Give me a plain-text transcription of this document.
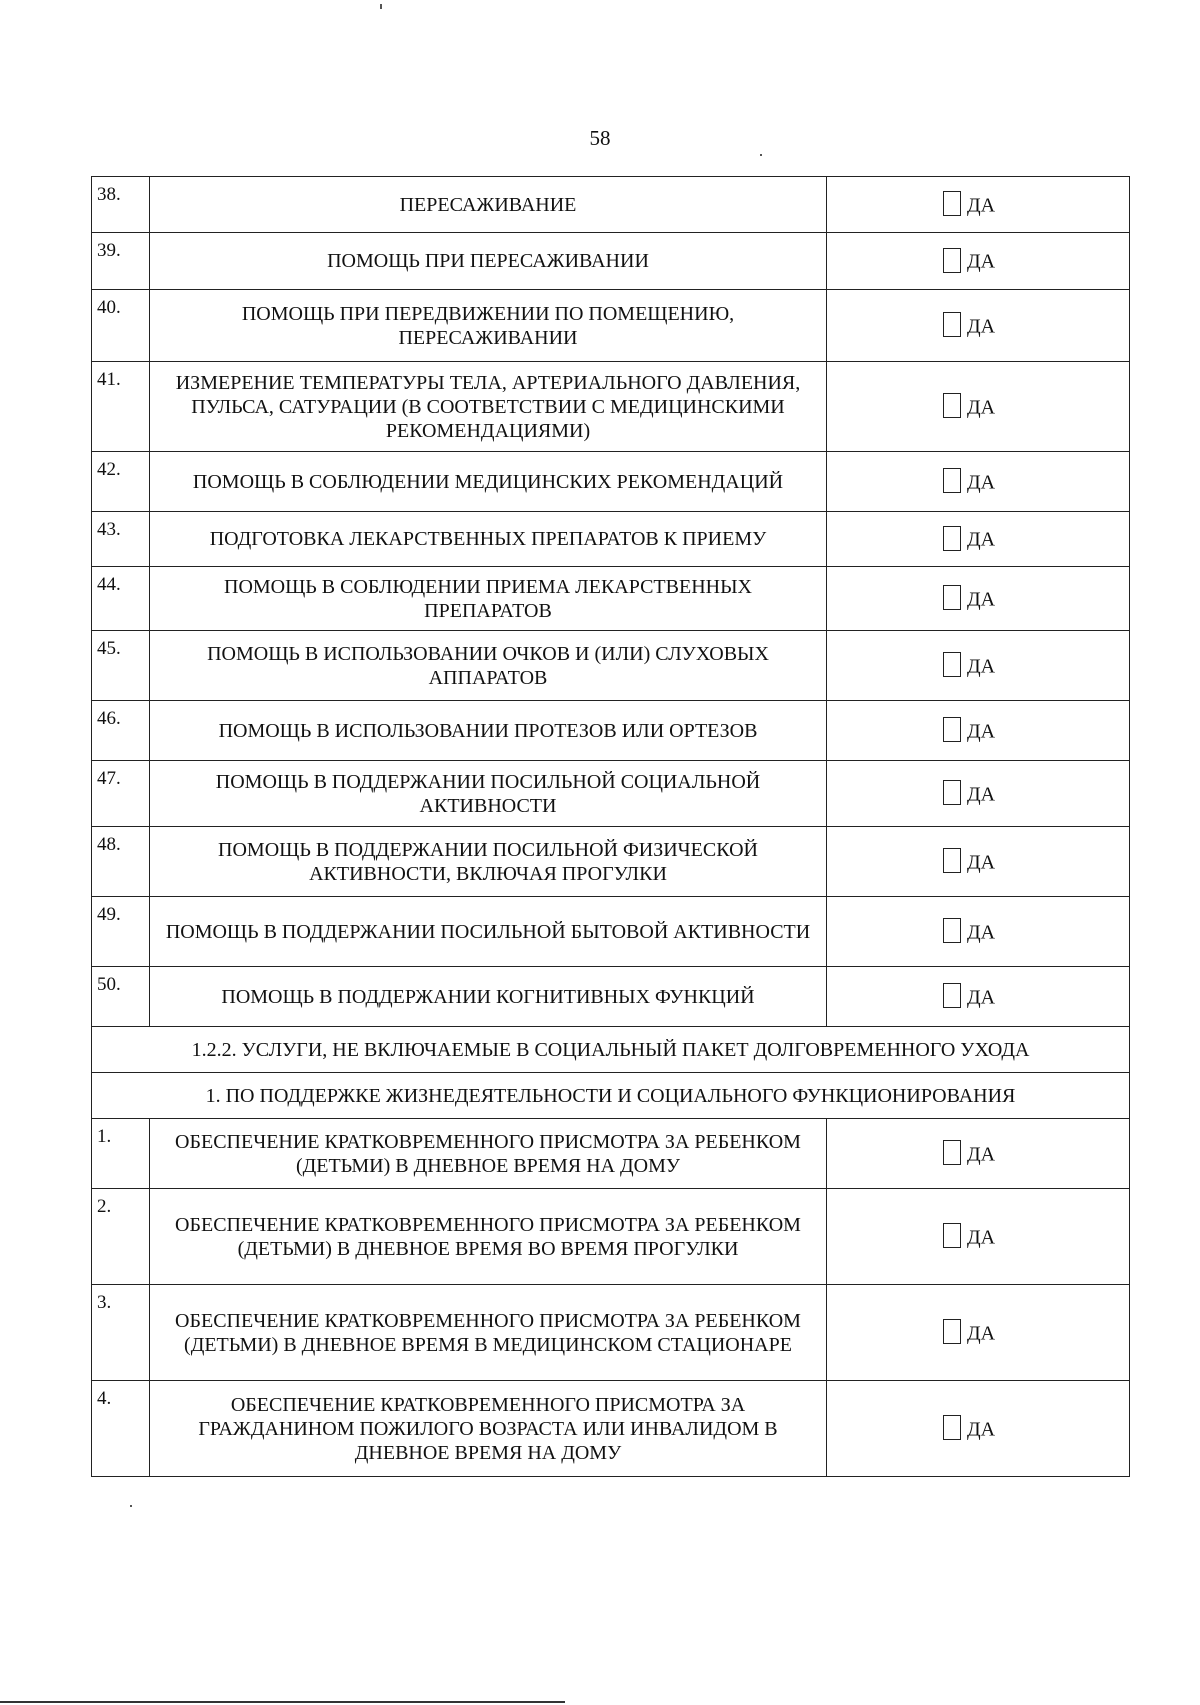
58
38.	ПЕРЕСАЖИВАНИЕ	ДА
39.	ПОМОЩЬ ПРИ ПЕРЕСАЖИВАНИИ	ДА
40.	ПОМОЩЬ ПРИ ПЕРЕДВИЖЕНИИ ПО ПОМЕЩЕНИЮ, ПЕРЕСАЖИВАНИИ	ДА
41.	ИЗМЕРЕНИЕ ТЕМПЕРАТУРЫ ТЕЛА, АРТЕРИАЛЬНОГО ДАВЛЕНИЯ, ПУЛЬСА, САТУРАЦИИ (В СООТВЕТСТВИИ С МЕДИЦИНСКИМИ РЕКОМЕНДАЦИЯМИ)	ДА
42.	ПОМОЩЬ В СОБЛЮДЕНИИ МЕДИЦИНСКИХ РЕКОМЕНДАЦИЙ	ДА
43.	ПОДГОТОВКА ЛЕКАРСТВЕННЫХ ПРЕПАРАТОВ К ПРИЕМУ	ДА
44.	ПОМОЩЬ В СОБЛЮДЕНИИ ПРИЕМА ЛЕКАРСТВЕННЫХ ПРЕПАРАТОВ	ДА
45.	ПОМОЩЬ В ИСПОЛЬЗОВАНИИ ОЧКОВ И (ИЛИ) СЛУХОВЫХ АППАРАТОВ	ДА
46.	ПОМОЩЬ В ИСПОЛЬЗОВАНИИ ПРОТЕЗОВ ИЛИ ОРТЕЗОВ	ДА
47.	ПОМОЩЬ В ПОДДЕРЖАНИИ ПОСИЛЬНОЙ СОЦИАЛЬНОЙ АКТИВНОСТИ	ДА
48.	ПОМОЩЬ В ПОДДЕРЖАНИИ ПОСИЛЬНОЙ ФИЗИЧЕСКОЙ АКТИВНОСТИ, ВКЛЮЧАЯ ПРОГУЛКИ	ДА
49.	ПОМОЩЬ В ПОДДЕРЖАНИИ ПОСИЛЬНОЙ БЫТОВОЙ АКТИВНОСТИ	ДА
50.	ПОМОЩЬ В ПОДДЕРЖАНИИ КОГНИТИВНЫХ ФУНКЦИЙ	ДА
1.2.2. УСЛУГИ, НЕ ВКЛЮЧАЕМЫЕ В СОЦИАЛЬНЫЙ ПАКЕТ ДОЛГОВРЕМЕННОГО УХОДА		
1. ПО ПОДДЕРЖКЕ ЖИЗНЕДЕЯТЕЛЬНОСТИ И СОЦИАЛЬНОГО ФУНКЦИОНИРОВАНИЯ		
1.	ОБЕСПЕЧЕНИЕ КРАТКОВРЕМЕННОГО ПРИСМОТРА ЗА РЕБЕНКОМ (ДЕТЬМИ) В ДНЕВНОЕ ВРЕМЯ НА ДОМУ	ДА
2.	ОБЕСПЕЧЕНИЕ КРАТКОВРЕМЕННОГО ПРИСМОТРА ЗА РЕБЕНКОМ (ДЕТЬМИ) В ДНЕВНОЕ ВРЕМЯ ВО ВРЕМЯ ПРОГУЛКИ	ДА
3.	ОБЕСПЕЧЕНИЕ КРАТКОВРЕМЕННОГО ПРИСМОТРА ЗА РЕБЕНКОМ (ДЕТЬМИ) В ДНЕВНОЕ ВРЕМЯ В МЕДИЦИНСКОМ СТАЦИОНАРЕ	ДА
4.	ОБЕСПЕЧЕНИЕ КРАТКОВРЕМЕННОГО ПРИСМОТРА ЗА ГРАЖДАНИНОМ ПОЖИЛОГО ВОЗРАСТА ИЛИ ИНВАЛИДОМ В ДНЕВНОЕ ВРЕМЯ НА ДОМУ	ДА
